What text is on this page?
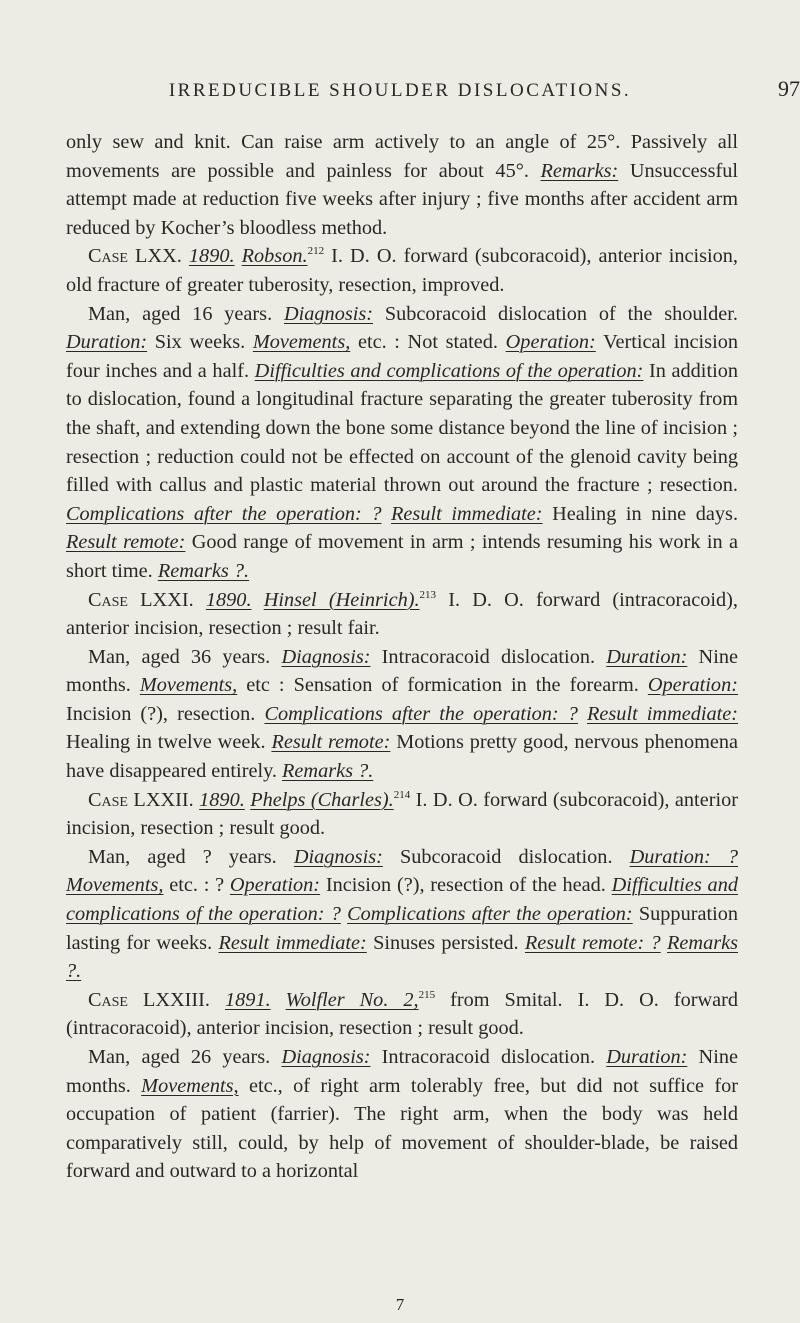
IRREDUCIBLE SHOULDER DISLOCATIONS.	97

only sew and knit. Can raise arm actively to an angle of 25°. Passively all movements are possible and painless for about 45°. Remarks: Unsuccessful attempt made at reduction five weeks after injury ; five months after accident arm reduced by Kocher’s bloodless method.

Case LXX. 1890. Robson.$^{212}$ I. D. O. forward (subcoracoid), anterior incision, old fracture of greater tuberosity, resection, improved.

Man, aged 16 years. Diagnosis: Subcoracoid dislocation of the shoulder. Duration: Six weeks. Movements, etc. : Not stated. Operation: Vertical incision four inches and a half. Difficulties and complications of the operation: In addition to dislocation, found a longitudinal fracture separating the greater tuberosity from the shaft, and extending down the bone some distance beyond the line of incision ; resection ; reduction could not be effected on account of the glenoid cavity being filled with callus and plastic material thrown out around the fracture ; resection. Complications after the operation: ? Result immediate: Healing in nine days. Result remote: Good range of movement in arm ; intends resuming his work in a short time. Remarks ?.

Case LXXI. 1890. Hinsel (Heinrich).$^{213}$ I. D. O. forward (intracoracoid), anterior incision, resection ; result fair.

Man, aged 36 years. Diagnosis: Intracoracoid dislocation. Duration: Nine months. Movements, etc : Sensation of formication in the forearm. Operation: Incision (?), resection. Complications after the operation: ? Result immediate: Healing in twelve week. Result remote: Motions pretty good, nervous phenomena have disappeared entirely. Remarks ?.

Case LXXII. 1890. Phelps (Charles).$^{214}$ I. D. O. forward (subcoracoid), anterior incision, resection ; result good.

Man, aged ? years. Diagnosis: Subcoracoid dislocation. Duration: ? Movements, etc. : ? Operation: Incision (?), resection of the head. Difficulties and complications of the operation: ? Complications after the operation: Suppuration lasting for weeks. Result immediate: Sinuses persisted. Result remote: ? Remarks ?.

Case LXXIII. 1891. Wolfler No. 2,$^{215}$ from Smital. I. D. O. forward (intracoracoid), anterior incision, resection ; result good.

Man, aged 26 years. Diagnosis: Intracoracoid dislocation. Duration: Nine months. Movements, etc., of right arm tolerably free, but did not suffice for occupation of patient (farrier). The right arm, when the body was held comparatively still, could, by help of movement of shoulder-blade, be raised forward and outward to a horizontal

7
